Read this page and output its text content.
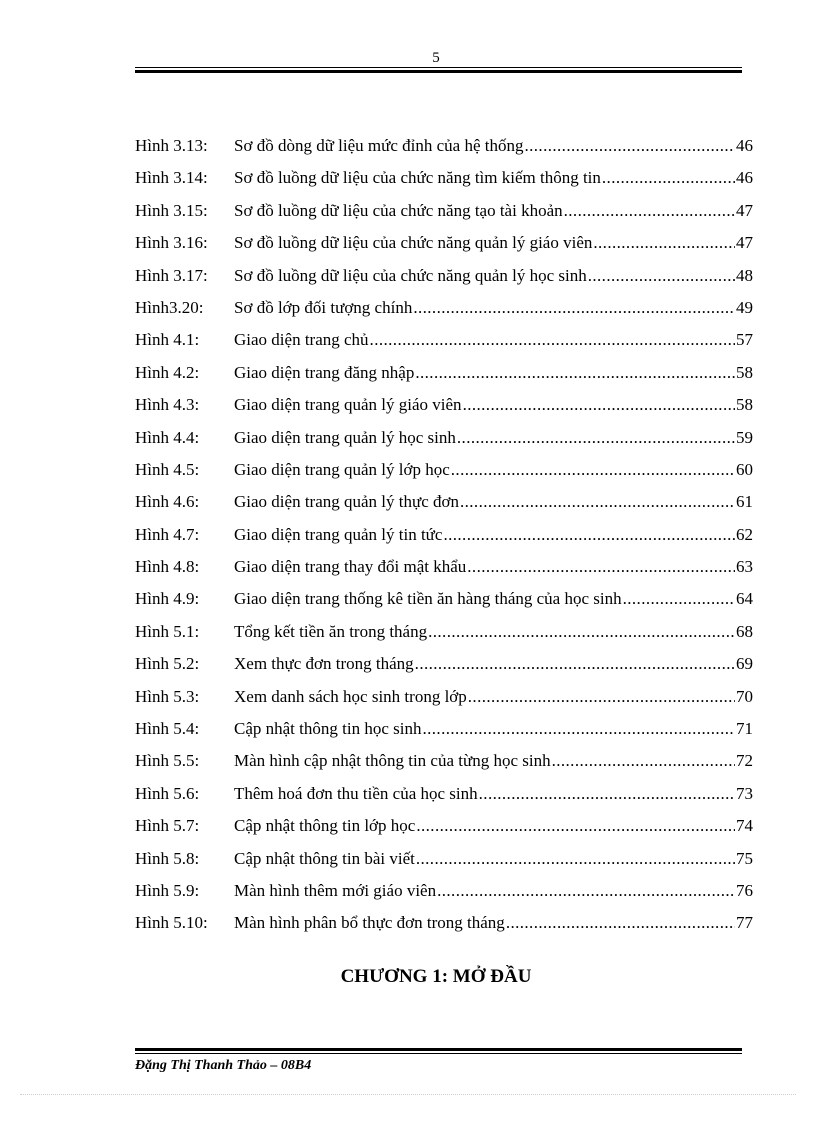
5
Hình 3.13:	Sơ đồ dòng dữ liệu mức đỉnh của hệ thống .....	46
Hình 3.14:	Sơ đồ luồng dữ liệu của chức năng tìm kiếm thông tin .....	46
Hình 3.15:	Sơ đồ luồng dữ liệu của chức năng tạo tài khoản .....	47
Hình 3.16:	Sơ đồ luồng dữ liệu của chức năng quản lý giáo viên .....	47
Hình 3.17:	Sơ đồ luồng dữ liệu của chức năng quản lý học sinh .....	48
Hình3.20:	Sơ đồ lớp đối tượng chính .....	49
Hình 4.1:	Giao diện trang chủ .....	57
Hình 4.2:	Giao diện trang đăng nhập .....	58
Hình 4.3:	Giao diện trang quản lý giáo viên .....	58
Hình 4.4:	Giao diện trang quản lý học sinh .....	59
Hình 4.5:	Giao diện trang quản lý lớp học .....	60
Hình 4.6:	Giao diện trang quản lý thực đơn .....	61
Hình 4.7:	Giao diện trang quản lý tin tức .....	62
Hình 4.8:	Giao diện trang thay đổi mật khẩu .....	63
Hình 4.9:	Giao diện trang thống kê tiền ăn hàng tháng của học sinh .....	64
Hình 5.1:	Tổng kết tiền ăn trong tháng .....	68
Hình 5.2:	Xem thực đơn trong tháng .....	69
Hình 5.3:	Xem danh sách học sinh trong lớp .....	70
Hình 5.4:	Cập nhật thông tin học sinh .....	71
Hình 5.5:	Màn hình cập nhật thông tin của từng học sinh .....	72
Hình 5.6:	Thêm hoá đơn thu tiền của học sinh .....	73
Hình 5.7:	Cập nhật thông tin lớp học .....	74
Hình 5.8:	Cập nhật thông tin bài viết .....	75
Hình 5.9:	Màn hình thêm mới giáo viên .....	76
Hình 5.10:	Màn hình phân bổ thực đơn trong tháng .....	77
CHƯƠNG 1: MỞ ĐẦU
Đặng Thị Thanh Thảo – 08B4
